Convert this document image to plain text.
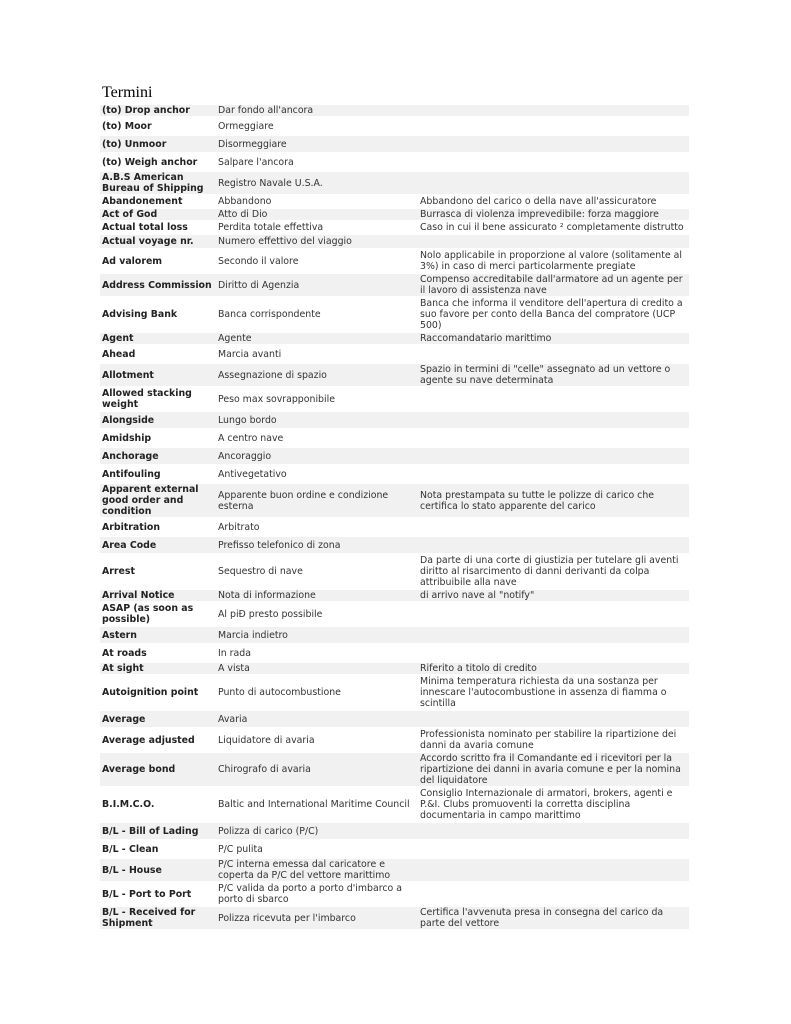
Termini
(to) Drop anchor	Dar fondo all'ancora	
(to) Moor	Ormeggiare	
(to) Unmoor	Disormeggiare	
(to) Weigh anchor	Salpare l'ancora	
A.B.S American Bureau of Shipping	Registro Navale U.S.A.	
Abandonement	Abbandono	Abbandono del carico o della nave all'assicuratore
Act of God	Atto di Dio	Burrasca di violenza imprevedibile: forza maggiore
Actual total loss	Perdita totale effettiva	Caso in cui il bene assicurato ² completamente distrutto
Actual voyage nr.	Numero effettivo del viaggio	
Ad valorem	Secondo il valore	Nolo applicabile in proporzione al valore (solitamente al 3%) in caso di merci particolarmente pregiate
Address Commission	Diritto di Agenzia	Compenso accreditabile dall'armatore ad un agente per il lavoro di assistenza nave
Advising Bank	Banca corrispondente	Banca che informa il venditore dell'apertura di credito a suo favore per conto della Banca del compratore (UCP 500)
Agent	Agente	Raccomandatario marittimo
Ahead	Marcia avanti	
Allotment	Assegnazione di spazio	Spazio in termini di "celle" assegnato ad un vettore o agente su nave determinata
Allowed stacking weight	Peso max sovrapponibile	
Alongside	Lungo bordo	
Amidship	A centro nave	
Anchorage	Ancoraggio	
Antifouling	Antivegetativo	
Apparent external good order and condition	Apparente buon ordine e condizione esterna	Nota prestampata su tutte le polizze di carico che certifica lo stato apparente del carico
Arbitration	Arbitrato	
Area Code	Prefisso telefonico di zona	
Arrest	Sequestro di nave	Da parte di una corte di giustizia per tutelare gli aventi diritto al risarcimento di danni derivanti da colpa attribuibile alla nave
Arrival Notice	Nota di informazione	di arrivo nave al "notify"
ASAP (as soon as possible)	Al piÐ presto possibile	
Astern	Marcia indietro	
At roads	In rada	
At sight	A vista	Riferito a titolo di credito
Autoignition point	Punto di autocombustione	Minima temperatura richiesta da una sostanza per innescare l'autocombustione in assenza di fiamma o scintilla
Average	Avaria	
Average adjusted	Liquidatore di avaria	Professionista nominato per stabilire la ripartizione dei danni da avaria comune
Average bond	Chirografo di avaria	Accordo scritto fra il Comandante ed i ricevitori per la ripartizione dei danni in avaria comune e per la nomina del liquidatore
B.I.M.C.O.	Baltic and International Maritime Council	Consiglio Internazionale di armatori, brokers, agenti e P.&I. Clubs promuoventi la corretta disciplina documentaria in campo marittimo
B/L - Bill of Lading	Polizza di carico (P/C)	
B/L - Clean	P/C pulita	
B/L - House	P/C interna emessa dal caricatore e coperta da P/C del vettore marittimo	
B/L - Port to Port	P/C valida da porto a porto d'imbarco a porto di sbarco	
B/L - Received for Shipment	Polizza ricevuta per l'imbarco	Certifica l'avvenuta presa in consegna del carico da parte del vettore
